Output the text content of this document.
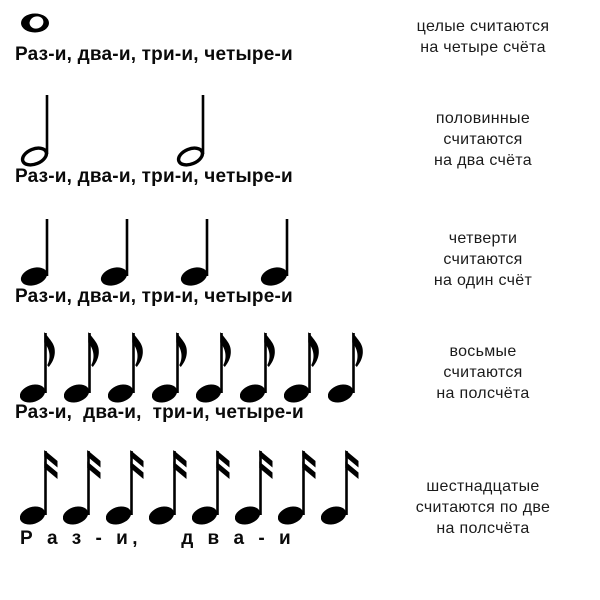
Раз-и, два-и, три-и, четыре-и
целые считаются
на четыре счёта
Раз-и, два-и, три-и, четыре-и
половинные
считаются
на два счёта
Раз-и, два-и, три-и, четыре-и
четверти
считаются
на один счёт
Раз-и,  два-и,  три-и, четыре-и
восьмые
считаются
на полсчёта
Р а з - и,    д в а - и
шестнадцатые
считаются по две
на полсчёта
